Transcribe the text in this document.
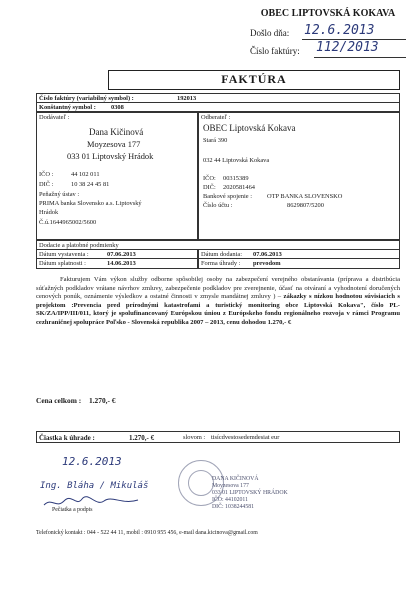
OBEC LIPTOVSKÁ KOKAVA
Došlo dňa: 12.6.2013
Číslo faktúry: 112/2013
FAKTÚRA
Číslo faktúry (variabilný symbol) :	192013
Konštantný symbol : 0308
Dodávateľ :
Dana Kičinová
Moyzesova 177
033 01 Liptovský Hrádok
IČO :	44 102 011
DIČ :	10 38 24 45 81
Peňažný ústav :
PRIMA banka Slovensko a.s. Liptovský
Hrádok
Č.ú.1644965002/5600
Odberateľ :
OBEC Liptovská Kokava
Stará 390
032 44 Liptovská Kokava
IČO: 00315389
DIČ: 2020581464
Bankové spojenie : OTP BANKA SLOVENSKO
Číslo účtu :	8629807/5200
Dodacie a platobné podmienky
Dátum vystavenia :	07.06.2013	Dátum dodania: 07.06.2013
Dátum splatnosti :	14.06.2013	Forma úhrady : prevodom
Fakturujem Vám výkon služby odborne spôsobilej osoby na zabezpečení verejného obstarávania (príprava a distribúcia súťažných podkladov vrátane návrhov zmluvy, zabezpečenie podkladov pre zverejnenie, účasť na otváraní a vyhodnotení doručených cenových ponúk, oznámenie výsledkov a ostatné činnosti v zmysle mandátnej zmluvy ) – zákazky s nízkou hodnotou súvisiacich s projektom :Prevencia pred prírodnými katastrofami a turistický monitoring obce Liptovská Kokava", číslo PL-SK/ZA/IPP/III/011, ktorý je spolufinancovaný Európskou úniou z Európskeho fondu regionálneho rozvoja v rámci Programu cezhraničnej spolupráce Poľsko - Slovenská republika 2007 – 2013, cenu dohodou 1.270,- €
Cena celkom : 1.270,- €
Čiastka k úhrade :	1.270,- €	slovom : tisícdvestosedemdesiat eur
12.6.2013
Ing. Bláha / Mikuláš
Pečiatka a podpis
DANA KIČINOVÁ
Moyzesova 177
033 01 LIPTOVSKÝ HRÁDOK
IČO: 44102011
DIČ: 1038244581
Telefonický kontakt : 044 - 522 44 11, mobil : 0910 955 456, e-mail dana.kicinova@gmail.com
